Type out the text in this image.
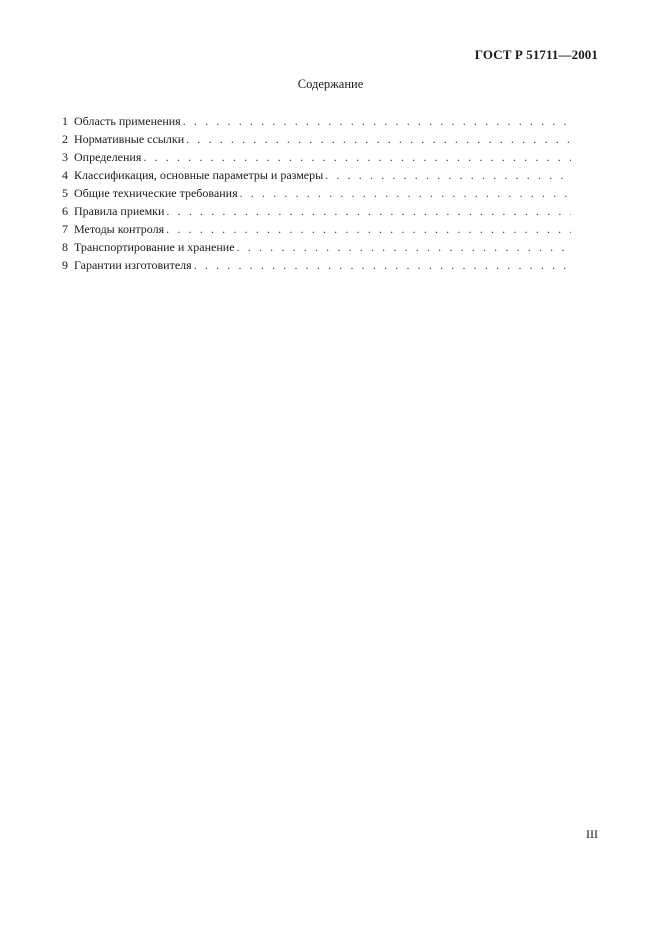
ГОСТ Р 51711—2001
Содержание
1 Область применения
. . .
2 Нормативные ссылки
. . .
3 Определения
. . .
4 Классификация, основные параметры и размеры
. . .
5 Общие технические требования
. . .
6 Правила приемки
. . .
7 Методы контроля
. . .
8 Транспортирование и хранение
. . .
9 Гарантии изготовителя
. . .
III
